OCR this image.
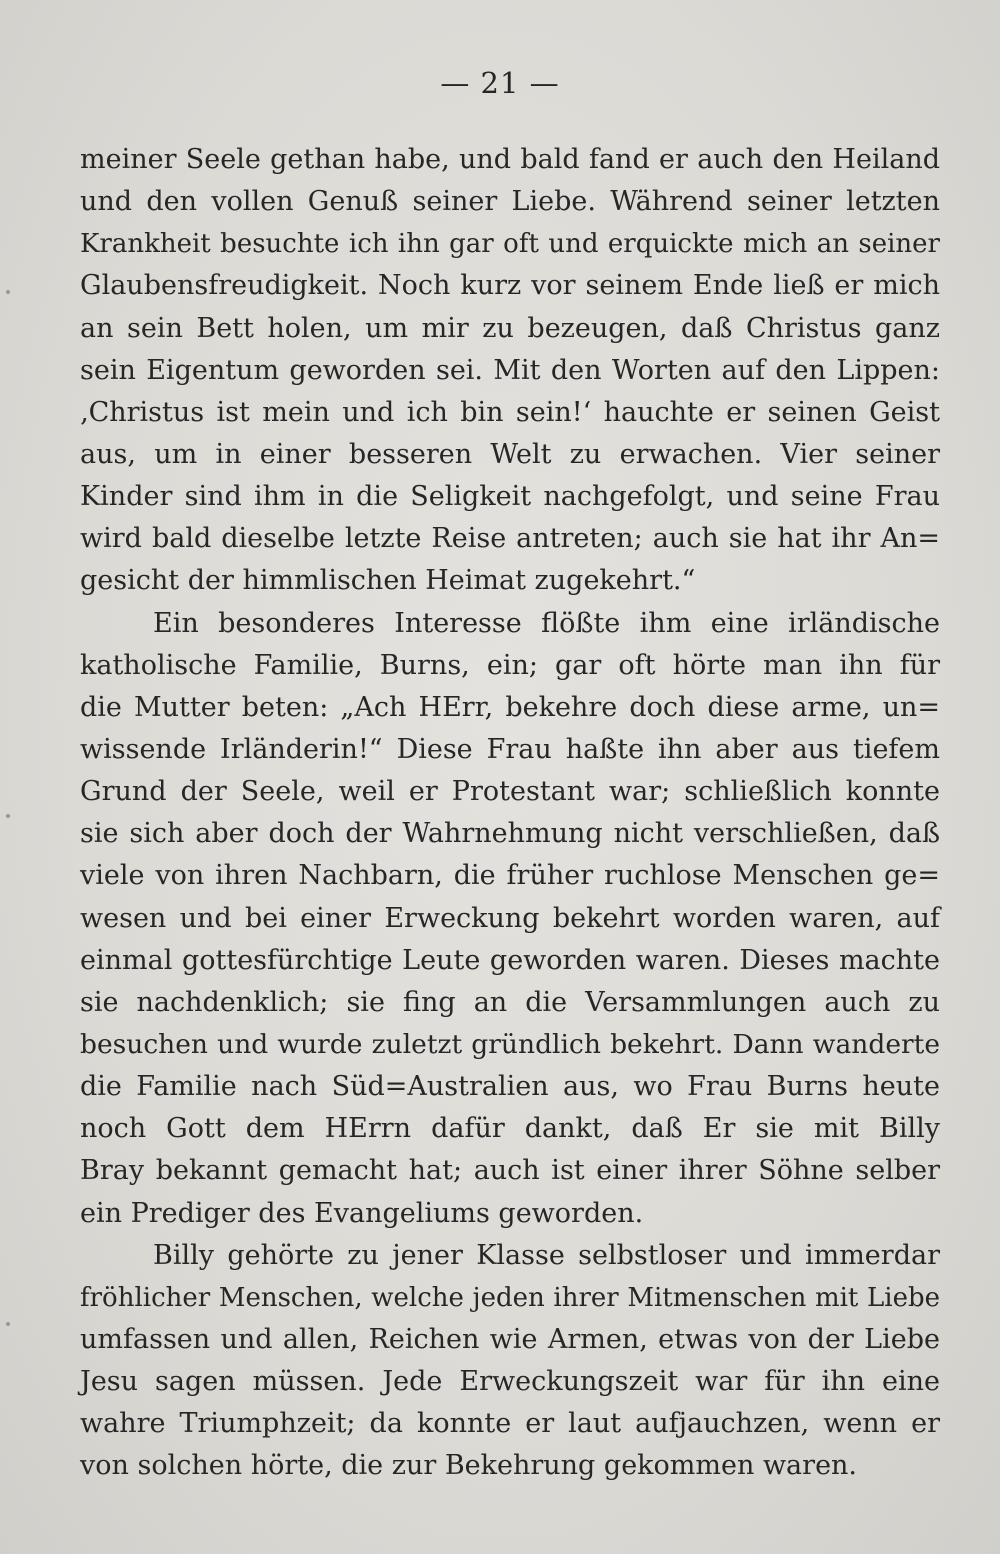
— 21 —
meiner Seele gethan habe, und bald fand er auch den Heiland
und den vollen Genuß seiner Liebe. Während seiner letzten
Krankheit besuchte ich ihn gar oft und erquickte mich an seiner
Glaubensfreudigkeit. Noch kurz vor seinem Ende ließ er mich
an sein Bett holen, um mir zu bezeugen, daß Christus ganz
sein Eigentum geworden sei. Mit den Worten auf den Lippen:
‚Christus ist mein und ich bin sein!‘ hauchte er seinen Geist
aus, um in einer besseren Welt zu erwachen. Vier seiner
Kinder sind ihm in die Seligkeit nachgefolgt, und seine Frau
wird bald dieselbe letzte Reise antreten; auch sie hat ihr An=
gesicht der himmlischen Heimat zugekehrt.“
Ein besonderes Interesse flößte ihm eine irländische
katholische Familie, Burns, ein; gar oft hörte man ihn für
die Mutter beten: „Ach HErr, bekehre doch diese arme, un=
wissende Irländerin!“ Diese Frau haßte ihn aber aus tiefem
Grund der Seele, weil er Protestant war; schließlich konnte
sie sich aber doch der Wahrnehmung nicht verschließen, daß
viele von ihren Nachbarn, die früher ruchlose Menschen ge=
wesen und bei einer Erweckung bekehrt worden waren, auf
einmal gottesfürchtige Leute geworden waren. Dieses machte
sie nachdenklich; sie fing an die Versammlungen auch zu
besuchen und wurde zuletzt gründlich bekehrt. Dann wanderte
die Familie nach Süd=Australien aus, wo Frau Burns heute
noch Gott dem HErrn dafür dankt, daß Er sie mit Billy
Bray bekannt gemacht hat; auch ist einer ihrer Söhne selber
ein Prediger des Evangeliums geworden.
Billy gehörte zu jener Klasse selbstloser und immerdar
fröhlicher Menschen, welche jeden ihrer Mitmenschen mit Liebe
umfassen und allen, Reichen wie Armen, etwas von der Liebe
Jesu sagen müssen. Jede Erweckungszeit war für ihn eine
wahre Triumphzeit; da konnte er laut aufjauchzen, wenn er
von solchen hörte, die zur Bekehrung gekommen waren.
